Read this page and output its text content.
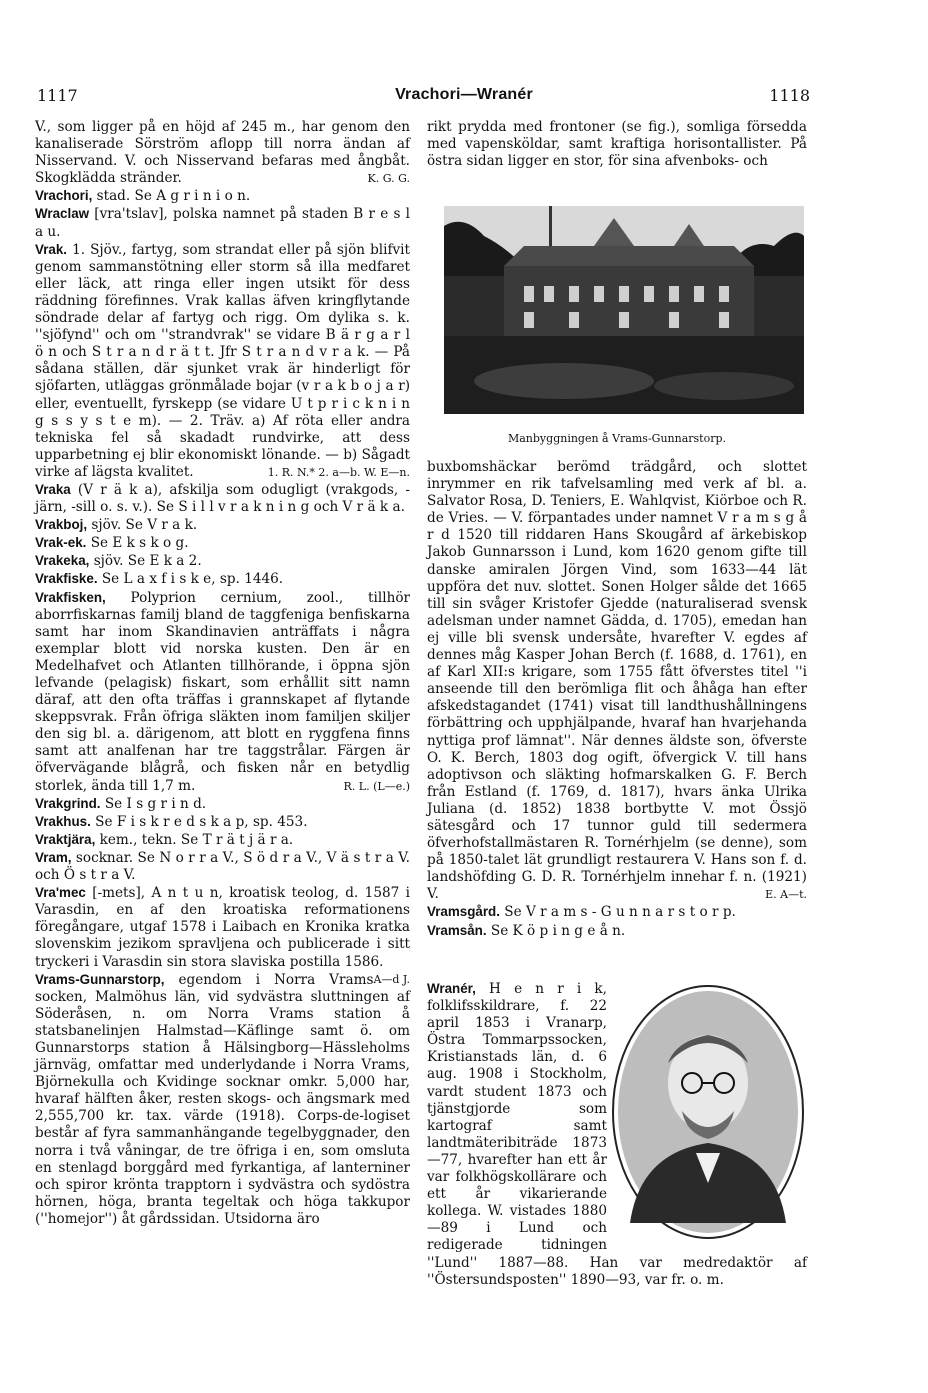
1117	Vrachori—Wranér	1118

V., som ligger på en höjd af 245 m., har genom den kanaliserade Sörström aflopp till norra ändan af Nisservand. V. och Nisservand befaras med ångbåt. Skogklädda stränder.	K. G. G.

Vrachori, stad. Se A g r i n i o n.

Wraclaw [vra'tslav], polska namnet på staden B r e s l a u.

Vrak. 1. Sjöv., fartyg, som strandat eller på sjön blifvit genom sammanstötning eller storm så illa medfaret eller läck, att ringa eller ingen utsikt för dess räddning förefinnes. Vrak kallas äfven kringflytande söndrade delar af fartyg och rigg. Om dylika s. k. ''sjöfynd'' och om ''strandvrak'' se vidare B ä r g a r l ö n och S t r a n d r ä t t. Jfr S t r a n d v r a k. — På sådana ställen, där sjunket vrak är hinderligt för sjöfarten, utläggas grönmålade bojar (v r a k b o j a r) eller, eventuellt, fyrskepp (se vidare U t p r i c k n i n g s s y s t e m). — 2. Träv. a) Af röta eller andra tekniska fel så skadadt rundvirke, att dess upparbetning ej blir ekonomiskt lönande. — b) Sågadt virke af lägsta kvalitet.	1. R. N.* 2. a—b. W. E—n.

Vraka (V r ä k a), afskilja som odugligt (vrakgods, -järn, -sill o. s. v.). Se S i l l v r a k n i n g och V r ä k a.

Vrakboj, sjöv. Se V r a k.

Vrak-ek. Se E k s k o g.

Vrakeka, sjöv. Se E k a 2.

Vrakfiske. Se L a x f i s k e, sp. 1446.

Vrakfisken, Polyprion cernium, zool., tillhör aborrfiskarnas familj bland de taggfeniga benfiskarna samt har inom Skandinavien anträffats i några exemplar blott vid norska kusten. Den är en Medelhafvet och Atlanten tillhörande, i öppna sjön lefvande (pelagisk) fiskart, som erhållit sitt namn däraf, att den ofta träffas i grannskapet af flytande skeppsvrak. Från öfriga släkten inom familjen skiljer den sig bl. a. därigenom, att blott en ryggfena finns samt att analfenan har tre taggstrålar. Färgen är öfvervägande blågrå, och fisken når en betydlig storlek, ända till 1,7 m.	R. L. (L—e.)

Vrakgrind. Se I s g r i n d.

Vrakhus. Se F i s k r e d s k a p, sp. 453.

Vraktjära, kem., tekn. Se T r ä t j ä r a.

Vram, socknar. Se N o r r a V., S ö d r a V., V ä s t r a V. och Ö s t r a V.

Vra'mec [-mets], A n t u n, kroatisk teolog, d. 1587 i Varasdin, en af den kroatiska reformationens föregångare, utgaf 1578 i Laibach en Kronika kratka slovenskim jezikom spravljena och publicerade i sitt tryckeri i Varasdin sin stora slaviska postilla 1586.
A—d J.

Vrams-Gunnarstorp, egendom i Norra Vrams socken, Malmöhus län, vid sydvästra sluttningen af Söderåsen, n. om Norra Vrams station å statsbanelinjen Halmstad—Käflinge samt ö. om Gunnarstorps station å Hälsingborg—Hässleholms järnväg, omfattar med underlydande i Norra Vrams, Björnekulla och Kvidinge socknar omkr. 5,000 har, hvaraf hälften åker, resten skogs- och ängsmark med 2,555,700 kr. tax. värde (1918). Corps-de-logiset består af fyra sammanhängande tegelbyggnader, den norra i två våningar, de tre öfriga i en, som omsluta en stenlagd borggård med fyrkantiga, af lanterniner och spiror krönta trapptorn i sydvästra och sydöstra hörnen, höga, branta tegeltak och höga takkupor (''homejor'') åt gårdssidan. Utsidorna äro

rikt prydda med frontoner (se fig.), somliga försedda med vapensköldar, samt kraftiga horisontallister. På östra sidan ligger en stor, för sina afvenboks- och

Manbyggningen å Vrams-Gunnarstorp.

buxbomshäckar berömd trädgård, och slottet inrymmer en rik tafvelsamling med verk af bl. a. Salvator Rosa, D. Teniers, E. Wahlqvist, Kiörboe och R. de Vries. — V. förpantades under namnet V r a m s g å r d 1520 till riddaren Hans Skougård af ärkebiskop Jakob Gunnarsson i Lund, kom 1620 genom gifte till danske amiralen Jörgen Vind, som 1633—44 lät uppföra det nuv. slottet. Sonen Holger sålde det 1665 till sin svåger Kristofer Gjedde (naturaliserad svensk adelsman under namnet Gädda, d. 1705), emedan han ej ville bli svensk undersåte, hvarefter V. egdes af dennes måg Kasper Johan Berch (f. 1688, d. 1761), en af Karl XII:s krigare, som 1755 fått öfverstes titel ''i anseende till den berömliga flit och åhåga han efter afskedstagandet (1741) visat till landthushållningens förbättring och upphjälpande, hvaraf han hvarjehanda nyttiga prof lämnat''. När dennes äldste son, öfverste O. K. Berch, 1803 dog ogift, öfvergick V. till hans adoptivson och släkting hofmarskalken G. F. Berch från Estland (f. 1769, d. 1817), hvars änka Ulrika Juliana (d. 1852) 1838 bortbytte V. mot Össjö sätesgård och 17 tunnor guld till sedermera öfverhofstallmästaren R. Tornérhjelm (se denne), som på 1850-talet lät grundligt restaurera V. Hans son f. d. landshöfding G. D. R. Tornérhjelm innehar f. n. (1921) V.	E. A—t.

Vramsgård. Se V r a m s - G u n n a r s t o r p.

Vramsån. Se K ö p i n g e å n.

Wranér, H e n r i k, folklifsskildrare, f. 22 april 1853 i Vranarp, Östra Tommarpssocken, Kristianstads län, d. 6 aug. 1908 i Stockholm, vardt student 1873 och tjänstgjorde som kartograf samt landtmäteribiträde 1873—77, hvarefter han ett år var folkhögskollärare och ett år vikarierande kollega. W. vistades 1880—89 i Lund och redigerade tidningen ''Lund'' 1887—88. Han var medredaktör af ''Östersundsposten'' 1890—93, var fr. o. m.
